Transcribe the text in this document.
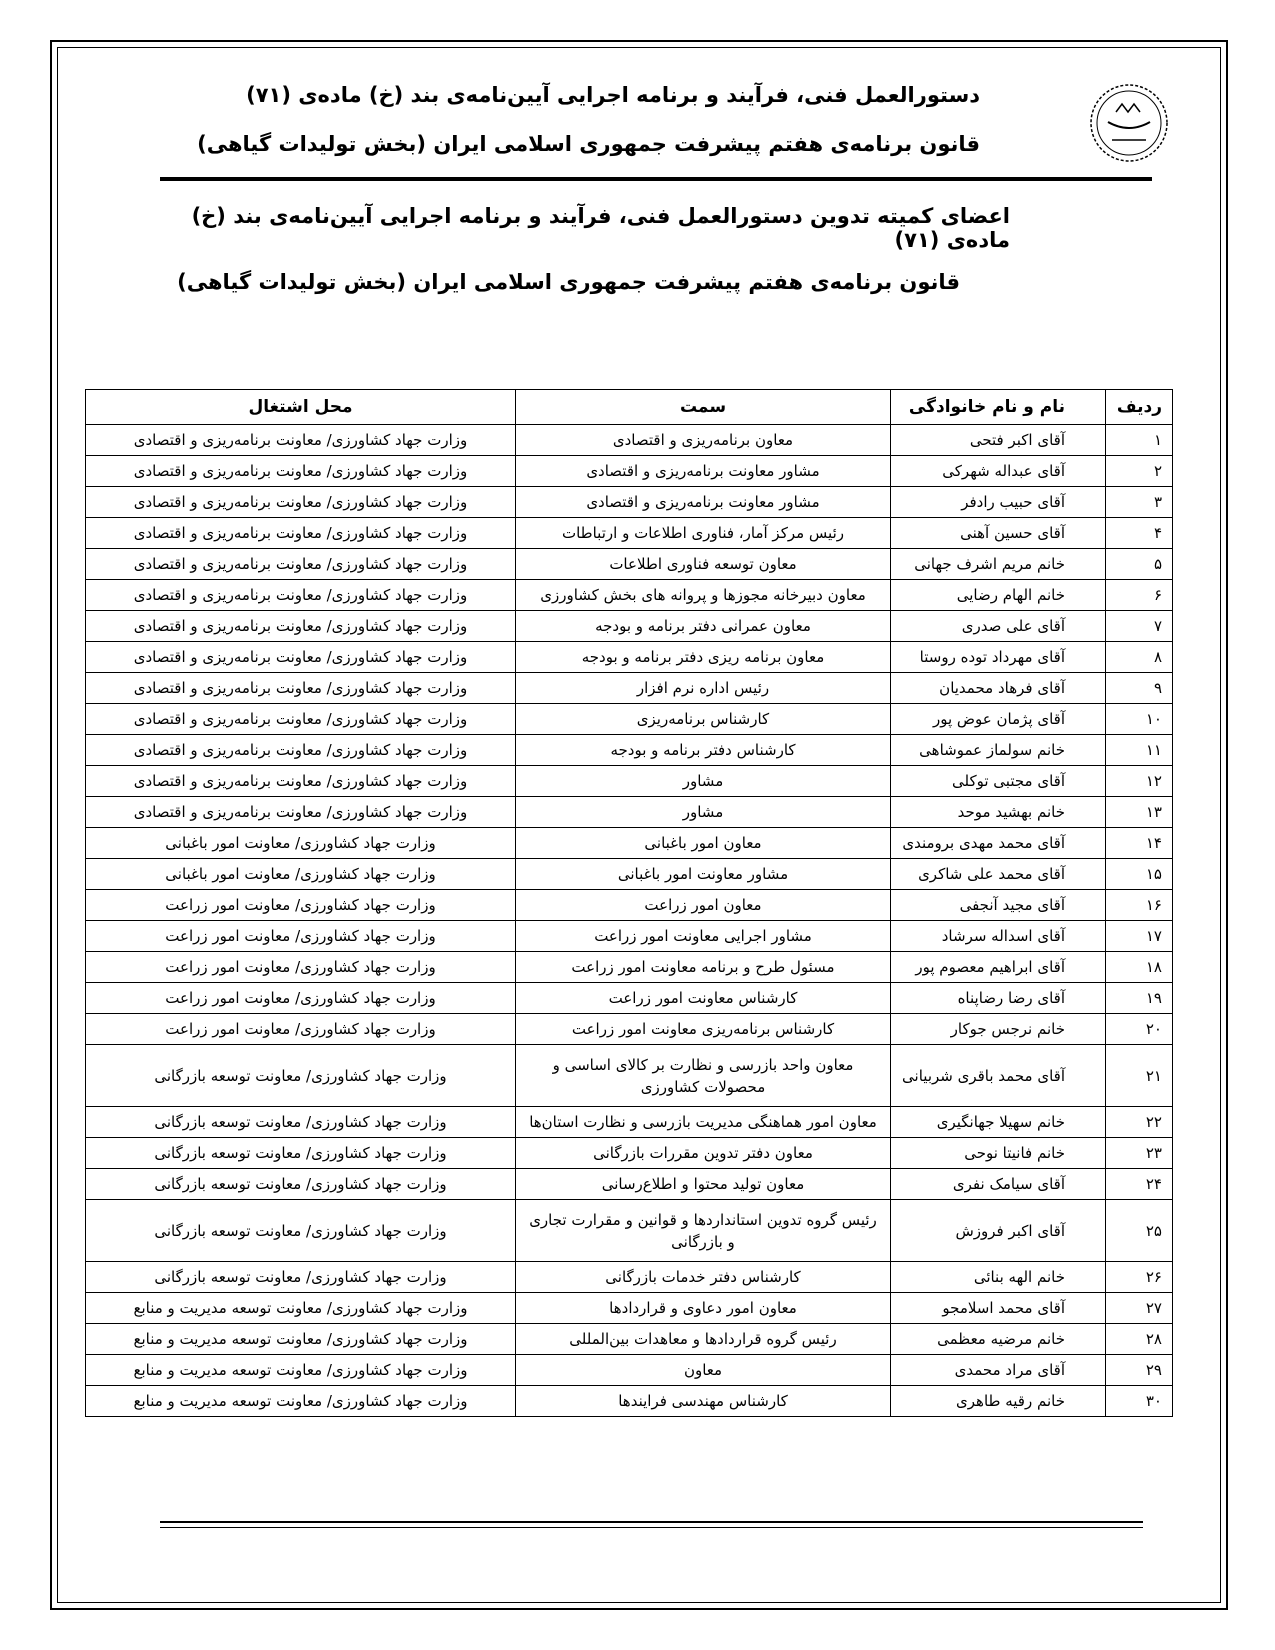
دستورالعمل فنی، فرآیند و برنامه اجرایی آیین‌نامه‌ی بند (خ) ماده‌ی (۷۱)
قانون برنامه‌ی هفتم پیشرفت جمهوری اسلامی ایران (بخش تولیدات گیاهی)
اعضای کمیته تدوین دستورالعمل فنی، فرآیند و برنامه اجرایی آیین‌نامه‌ی بند (خ) ماده‌ی (۷۱)
قانون برنامه‌ی هفتم پیشرفت جمهوری اسلامی ایران (بخش تولیدات گیاهی)
ردیف	نام و نام خانوادگی	سمت	محل اشتغال
۱	آقای اکبر فتحی	معاون برنامه‌ریزی و اقتصادی	وزارت جهاد کشاورزی/ معاونت برنامه‌ریزی و اقتصادی
۲	آقای عبداله شهرکی	مشاور معاونت برنامه‌ریزی و اقتصادی	وزارت جهاد کشاورزی/ معاونت برنامه‌ریزی و اقتصادی
۳	آقای حبیب رادفر	مشاور معاونت برنامه‌ریزی و اقتصادی	وزارت جهاد کشاورزی/ معاونت برنامه‌ریزی و اقتصادی
۴	آقای حسین آهنی	رئیس مرکز آمار، فناوری اطلاعات و ارتباطات	وزارت جهاد کشاورزی/ معاونت برنامه‌ریزی و اقتصادی
۵	خانم مریم اشرف جهانی	معاون توسعه فناوری اطلاعات	وزارت جهاد کشاورزی/ معاونت برنامه‌ریزی و اقتصادی
۶	خانم الهام رضایی	معاون دبیرخانه مجوزها و پروانه های بخش کشاورزی	وزارت جهاد کشاورزی/ معاونت برنامه‌ریزی و اقتصادی
۷	آقای علی صدری	معاون عمرانی دفتر برنامه و بودجه	وزارت جهاد کشاورزی/ معاونت برنامه‌ریزی و اقتصادی
۸	آقای مهرداد توده روستا	معاون برنامه ریزی دفتر برنامه و بودجه	وزارت جهاد کشاورزی/ معاونت برنامه‌ریزی و اقتصادی
۹	آقای فرهاد محمدیان	رئیس اداره نرم افزار	وزارت جهاد کشاورزی/ معاونت برنامه‌ریزی و اقتصادی
۱۰	آقای پژمان عوض پور	کارشناس برنامه‌ریزی	وزارت جهاد کشاورزی/ معاونت برنامه‌ریزی و اقتصادی
۱۱	خانم سولماز عموشاهی	کارشناس دفتر برنامه و بودجه	وزارت جهاد کشاورزی/ معاونت برنامه‌ریزی و اقتصادی
۱۲	آقای مجتبی توکلی	مشاور	وزارت جهاد کشاورزی/ معاونت برنامه‌ریزی و اقتصادی
۱۳	خانم بهشید موحد	مشاور	وزارت جهاد کشاورزی/ معاونت برنامه‌ریزی و اقتصادی
۱۴	آقای محمد مهدی برومندی	معاون امور باغبانی	وزارت جهاد کشاورزی/ معاونت امور باغبانی
۱۵	آقای محمد علی شاکری	مشاور معاونت امور باغبانی	وزارت جهاد کشاورزی/ معاونت امور باغبانی
۱۶	آقای مجید آنجفی	معاون امور زراعت	وزارت جهاد کشاورزی/ معاونت امور زراعت
۱۷	آقای اسداله سرشاد	مشاور اجرایی معاونت امور زراعت	وزارت جهاد کشاورزی/ معاونت امور زراعت
۱۸	آقای ابراهیم معصوم پور	مسئول طرح و برنامه معاونت امور زراعت	وزارت جهاد کشاورزی/ معاونت امور زراعت
۱۹	آقای رضا رضاپناه	کارشناس معاونت امور زراعت	وزارت جهاد کشاورزی/ معاونت امور زراعت
۲۰	خانم نرجس جوکار	کارشناس برنامه‌ریزی معاونت امور زراعت	وزارت جهاد کشاورزی/ معاونت امور زراعت
۲۱	آقای محمد باقری شربیانی	معاون واحد بازرسی و نظارت بر کالای اساسی و محصولات کشاورزی	وزارت جهاد کشاورزی/ معاونت توسعه بازرگانی
۲۲	خانم سهیلا جهانگیری	معاون امور هماهنگی مدیریت بازرسی و نظارت استان‌ها	وزارت جهاد کشاورزی/ معاونت توسعه بازرگانی
۲۳	خانم فانیتا نوحی	معاون دفتر تدوین مقررات بازرگانی	وزارت جهاد کشاورزی/ معاونت توسعه بازرگانی
۲۴	آقای سیامک نفری	معاون تولید محتوا و اطلاع‌رسانی	وزارت جهاد کشاورزی/ معاونت توسعه بازرگانی
۲۵	آقای اکبر فروزش	رئیس گروه تدوین استانداردها و قوانین و مقرارت تجاری و بازرگانی	وزارت جهاد کشاورزی/ معاونت توسعه بازرگانی
۲۶	خانم الهه بنائی	کارشناس دفتر خدمات بازرگانی	وزارت جهاد کشاورزی/ معاونت توسعه بازرگانی
۲۷	آقای محمد اسلامجو	معاون امور دعاوی و قراردادها	وزارت جهاد کشاورزی/ معاونت توسعه مدیریت و منابع
۲۸	خانم مرضیه معظمی	رئیس گروه قراردادها و معاهدات بین‌المللی	وزارت جهاد کشاورزی/ معاونت توسعه مدیریت و منابع
۲۹	آقای مراد محمدی	معاون	وزارت جهاد کشاورزی/ معاونت توسعه مدیریت و منابع
۳۰	خانم رقیه طاهری	کارشناس مهندسی فرایندها	وزارت جهاد کشاورزی/ معاونت توسعه مدیریت و منابع
